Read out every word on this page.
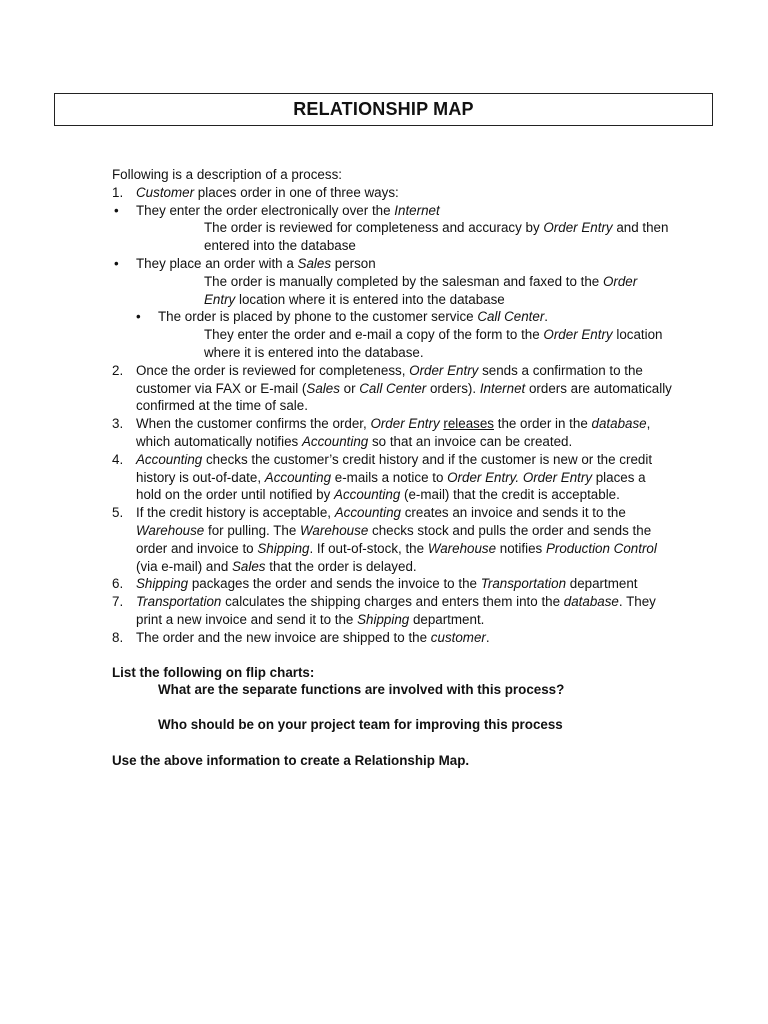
RELATIONSHIP MAP
Following is a description of a process:
1. Customer places order in one of three ways:
•	They enter the order electronically over the Internet
The order is reviewed for completeness and accuracy by Order Entry and then entered into the database
•	They place an order with a Sales person
The order is manually completed by the salesman and faxed to the Order Entry location where it is entered into the database
•	The order is placed by phone to the customer service Call Center.
They enter the order and e-mail a copy of the form to the Order Entry location where it is entered into the database.
2. Once the order is reviewed for completeness, Order Entry sends a confirmation to the customer via FAX or E-mail (Sales or Call Center orders). Internet orders are automatically confirmed at the time of sale.
3. When the customer confirms the order, Order Entry releases the order in the database, which automatically notifies Accounting so that an invoice can be created.
4. Accounting checks the customer’s credit history and if the customer is new or the credit history is out-of-date, Accounting e-mails a notice to Order Entry. Order Entry places a hold on the order until notified by Accounting (e-mail) that the credit is acceptable.
5. If the credit history is acceptable, Accounting creates an invoice and sends it to the Warehouse for pulling. The Warehouse checks stock and pulls the order and sends the order and invoice to Shipping. If out-of-stock, the Warehouse notifies Production Control (via e-mail) and Sales that the order is delayed.
6. Shipping packages the order and sends the invoice to the Transportation department
7. Transportation calculates the shipping charges and enters them into the database. They print a new invoice and send it to the Shipping department.
8. The order and the new invoice are shipped to the customer.
List the following on flip charts:
What are the separate functions are involved with this process?
Who should be on your project team for improving this process
Use the above information to create a Relationship Map.
